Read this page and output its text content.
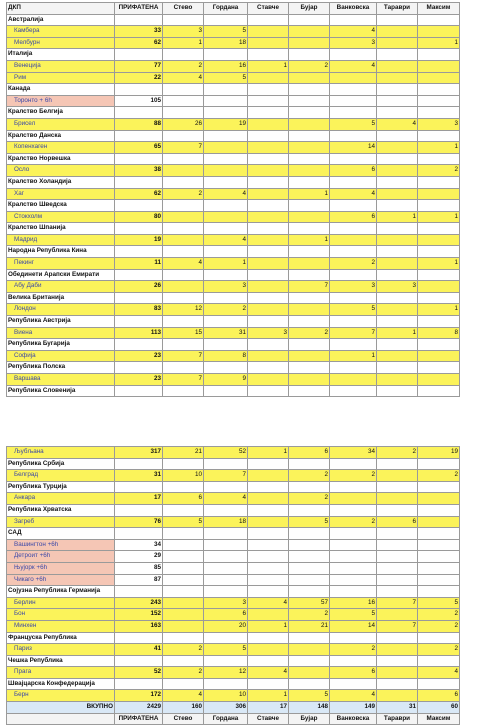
ДКП	ПРИФАТЕНА	Стево	Гордана	Ставче	Бујар	Ванковска	Тараври	Максим
Австралија								
Камбера	33	3	5			4		
Мелбурн	62	1	18			3		1
Италија								
Венеција	77	2	16	1	2	4		
Рим	22	4	5					
Канада								
Торонто + 6h	105							
Кралство Белгија								
Брисел	88	26	19			5	4	3
Кралство Данска								
Копенхаген	65	7				14		1
Кралство Норвешка								
Осло	38					6		2
Кралство Холандија								
Хаг	62	2	4		1	4		
Кралство Шведска								
Стокхолм	80					6	1	1
Кралство Шпанија								
Мадрид	19		4		1			
Народна Република Кина								
Пекинг	11	4	1			2		1
Обединети Арапски Емирати								
Абу Даби	26		3		7	3	3	
Велика Британија								
Лондон	83	12	2			5		1
Република Австрија								
Виена	113	15	31	3	2	7	1	8
Република Бугарија								
Софија	23	7	8			1		
Република Полска								
Варшава	23	7	9					
Република Словенија								
Љубљана	317	21	52	1	6	34	2	19
Република Србија								
Белград	31	10	7		2	2		2
Република Турција								
Анкара	17	6	4		2			
Република Хрватска								
Загреб	76	5	18		5	2	6	
САД								
Вашингтон +6h	34							
Детроит +6h	29							
Њујорк +6h	85							
Чикаго +6h	87							
Сојузна Република Германија								
Берлин	243		3	4	57	16	7	5
Бон	152		6		2	5		2
Минхен	163		20	1	21	14	7	2
Француска Република								
Париз	41	2	5			2		2
Чешка Република								
Прага	52	2	12	4		6		4
Швајцарска Конфедерација								
Берн	172	4	10	1	5	4		6
ВКУПНО	2429	160	306	17	148	149	31	60
	ПРИФАТЕНА	Стево	Гордана	Ставче	Бујар	Ванковска	Тараври	Максим
